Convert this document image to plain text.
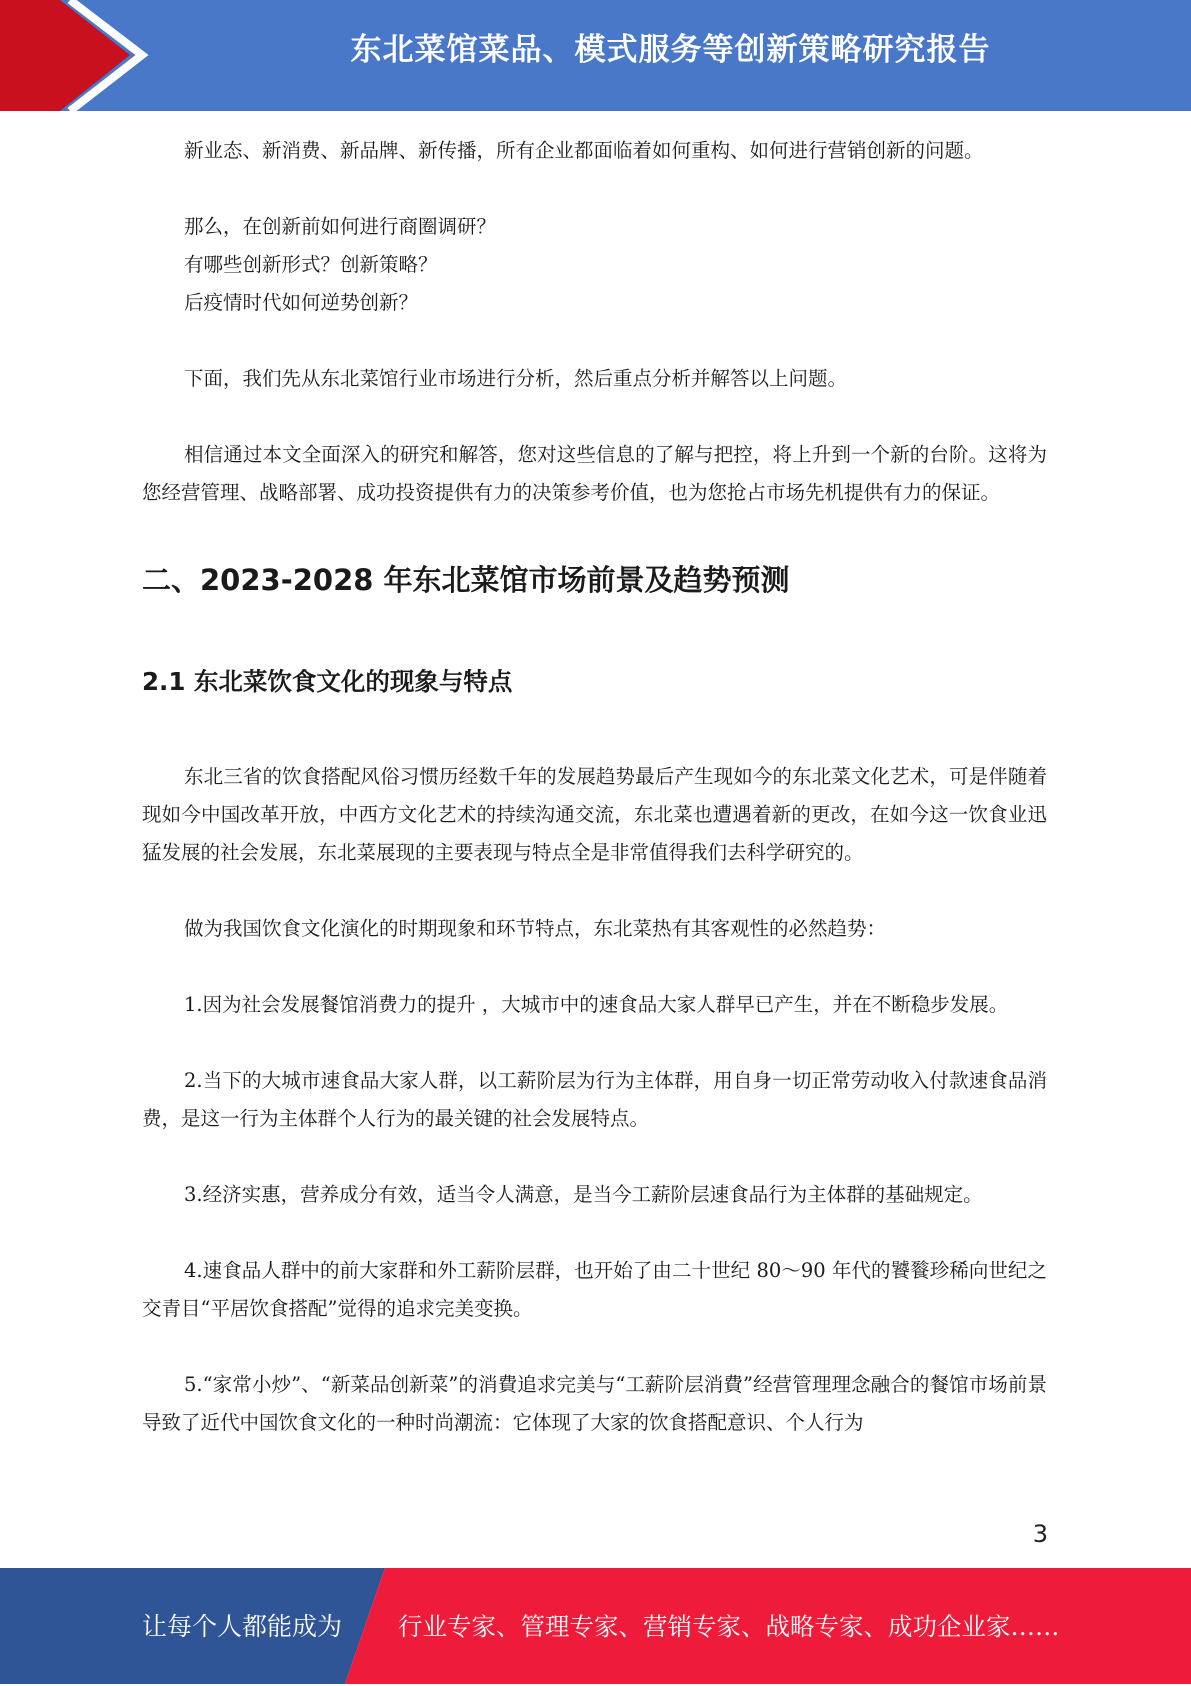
东北菜馆菜品、模式服务等创新策略研究报告

新业态、新消费、新品牌、新传播，所有企业都面临着如何重构、如何进行营销创新的问题。

那么，在创新前如何进行商圈调研？

有哪些创新形式？创新策略？

后疫情时代如何逆势创新？

下面，我们先从东北菜馆行业市场进行分析，然后重点分析并解答以上问题。

相信通过本文全面深入的研究和解答，您对这些信息的了解与把控，将上升到一个新的台阶。这将为您经营管理、战略部署、成功投资提供有力的决策参考价值，也为您抢占市场先机提供有力的保证。

二、2023-2028 年东北菜馆市场前景及趋势预测
2.1 东北菜饮食文化的现象与特点

东北三省的饮食搭配风俗习惯历经数千年的发展趋势最后产生现如今的东北菜文化艺术，可是伴随着现如今中国改革开放，中西方文化艺术的持续沟通交流，东北菜也遭遇着新的更改，在如今这一饮食业迅猛发展的社会发展，东北菜展现的主要表现与特点全是非常值得我们去科学研究的。

做为我国饮食文化演化的时期现象和环节特点，东北菜热有其客观性的必然趋势：

1.因为社会发展餐馆消费力的提升 ，大城市中的速食品大家人群早已产生，并在不断稳步发展。

2.当下的大城市速食品大家人群，以工薪阶层为行为主体群，用自身一切正常劳动收入付款速食品消费，是这一行为主体群个人行为的最关键的社会发展特点。

3.经济实惠，营养成分有效，适当令人满意，是当今工薪阶层速食品行为主体群的基础规定。

4.速食品人群中的前大家群和外工薪阶层群，也开始了由二十世纪 80～90 年代的饕餮珍稀向世纪之交青目“平居饮食搭配”觉得的追求完美变换。

5.“家常小炒”、“新菜品创新菜”的消費追求完美与“工薪阶层消費”经营管理理念融合的餐馆市场前景导致了近代中国饮食文化的一种时尚潮流：它体现了大家的饮食搭配意识、个人行为

3
让每个人都能成为 行业专家、管理专家、营销专家、战略专家、成功企业家……
